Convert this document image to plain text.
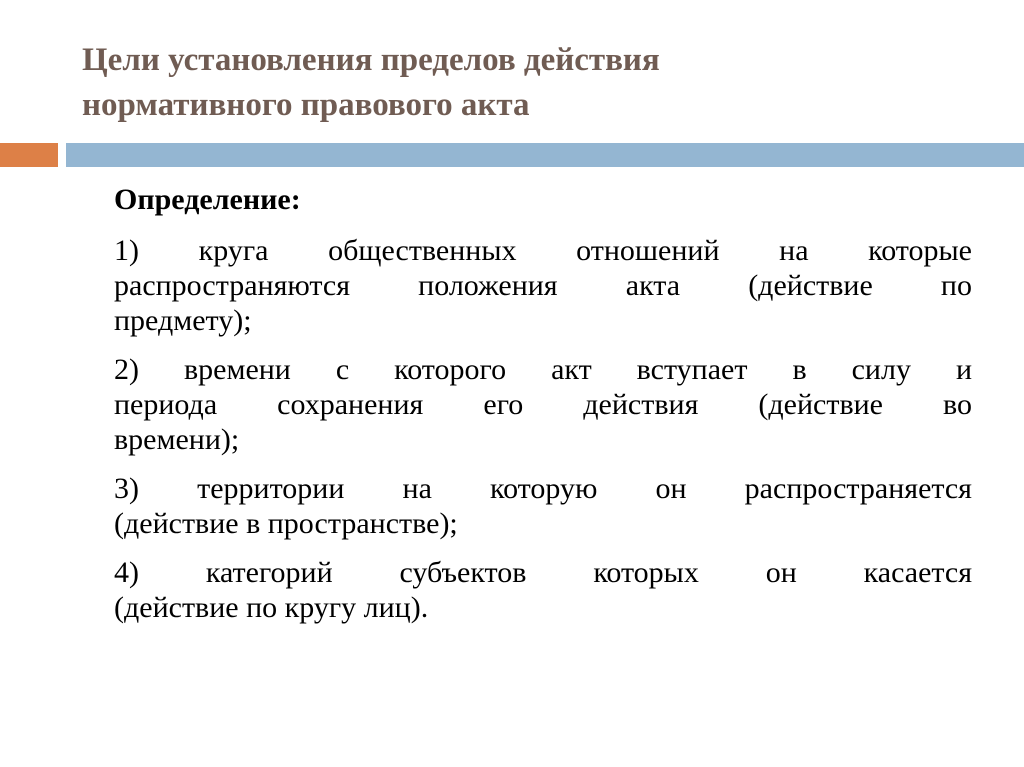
Цели установления пределов действия
нормативного правового акта
Определение:
1) круга общественных отношений на которые
распространяются положения акта (действие по
предмету);
2) времени с которого акт вступает в силу и
периода сохранения его действия (действие во
времени);
3) территории на которую он распространяется
(действие в пространстве);
4) категорий субъектов которых он касается
(действие по кругу лиц).
